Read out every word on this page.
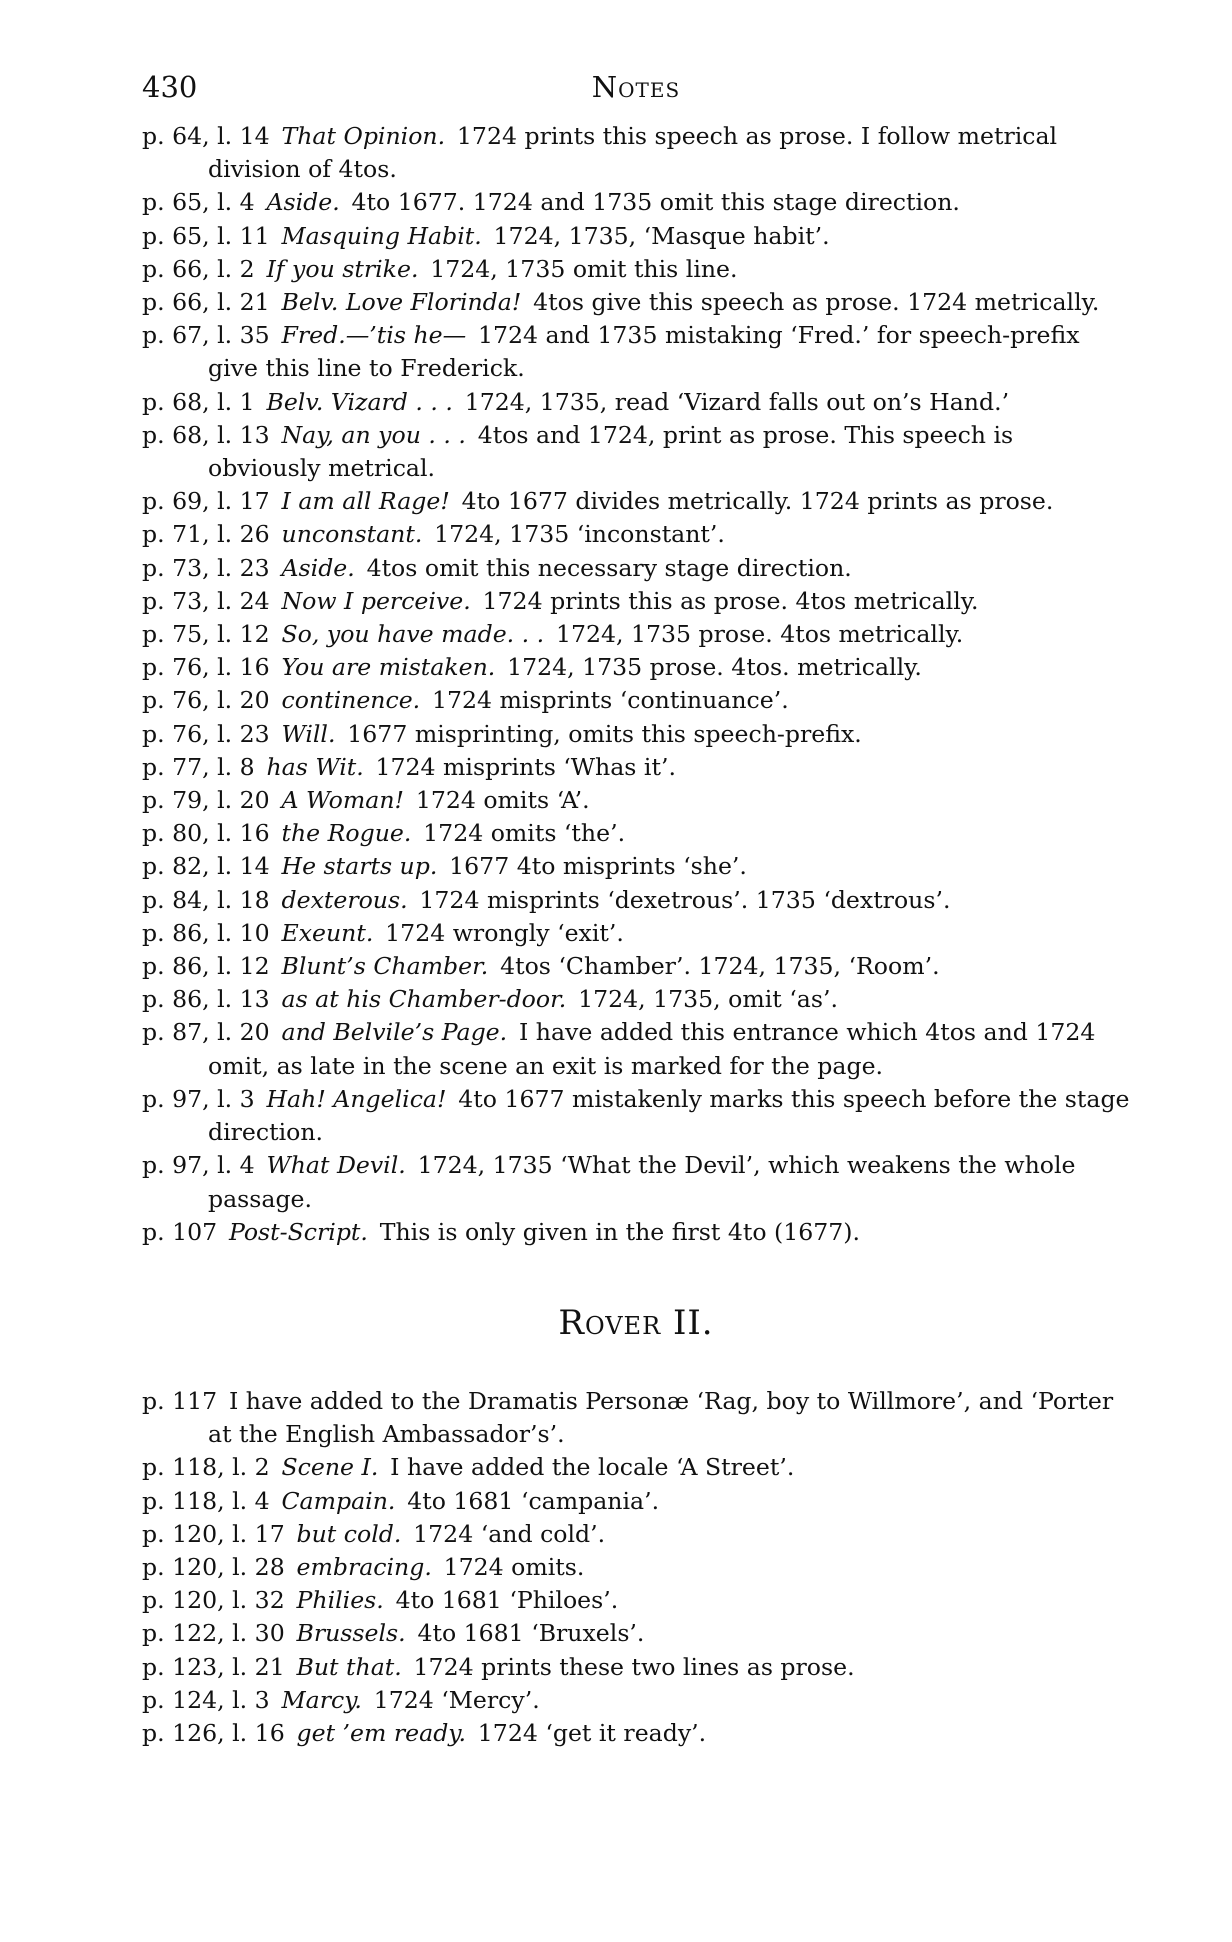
430	Notes
p. 64, l. 14  That Opinion.  1724 prints this speech as prose. I follow metrical division of 4tos.
p. 65, l. 4  Aside.  4to 1677. 1724 and 1735 omit this stage direction.
p. 65, l. 11  Masquing Habit.  1724, 1735, ‘Masque habit’.
p. 66, l. 2  If you strike.  1724, 1735 omit this line.
p. 66, l. 21  Belv. Love Florinda!  4tos give this speech as prose. 1724 metrically.
p. 67, l. 35  Fred.—’tis he—  1724 and 1735 mistaking ‘Fred.’ for speech-prefix give this line to Frederick.
p. 68, l. 1  Belv. Vizard . . .  1724, 1735, read ‘Vizard falls out on’s Hand.’
p. 68, l. 13  Nay, an you . . .  4tos and 1724, print as prose. This speech is obviously metrical.
p. 69, l. 17  I am all Rage!  4to 1677 divides metrically. 1724 prints as prose.
p. 71, l. 26  unconstant.  1724, 1735 ‘inconstant’.
p. 73, l. 23  Aside.  4tos omit this necessary stage direction.
p. 73, l. 24  Now I perceive.  1724 prints this as prose. 4tos metrically.
p. 75, l. 12  So, you have made. . .  1724, 1735 prose. 4tos metrically.
p. 76, l. 16  You are mistaken.  1724, 1735 prose. 4tos. metrically.
p. 76, l. 20  continence.  1724 misprints ‘continuance’.
p. 76, l. 23  Will.  1677 misprinting, omits this speech-prefix.
p. 77, l. 8  has Wit.  1724 misprints ‘Whas it’.
p. 79, l. 20  A Woman!  1724 omits ‘A’.
p. 80, l. 16  the Rogue.  1724 omits ‘the’.
p. 82, l. 14  He starts up.  1677 4to misprints ‘she’.
p. 84, l. 18  dexterous.  1724 misprints ‘dexetrous’. 1735 ‘dextrous’.
p. 86, l. 10  Exeunt.  1724 wrongly ‘exit’.
p. 86, l. 12  Blunt’s Chamber.  4tos ‘Chamber’. 1724, 1735, ‘Room’.
p. 86, l. 13  as at his Chamber-door.  1724, 1735, omit ‘as’.
p. 87, l. 20  and Belvile’s Page.  I have added this entrance which 4tos and 1724 omit, as late in the scene an exit is marked for the page.
p. 97, l. 3  Hah! Angelica!  4to 1677 mistakenly marks this speech before the stage direction.
p. 97, l. 4  What Devil.  1724, 1735 ‘What the Devil’, which weakens the whole passage.
p. 107  Post-Script.  This is only given in the first 4to (1677).
Rover II.
p. 117  I have added to the Dramatis Personæ ‘Rag, boy to Willmore’, and ‘Porter at the English Ambassador’s’.
p. 118, l. 2  Scene I.  I have added the locale ‘A Street’.
p. 118, l. 4  Campain.  4to 1681 ‘campania’.
p. 120, l. 17  but cold.  1724 ‘and cold’.
p. 120, l. 28  embracing.  1724 omits.
p. 120, l. 32  Philies.  4to 1681 ‘Philoes’.
p. 122, l. 30  Brussels.  4to 1681 ‘Bruxels’.
p. 123, l. 21  But that.  1724 prints these two lines as prose.
p. 124, l. 3  Marcy.  1724 ‘Mercy’.
p. 126, l. 16  get ’em ready.  1724 ‘get it ready’.
